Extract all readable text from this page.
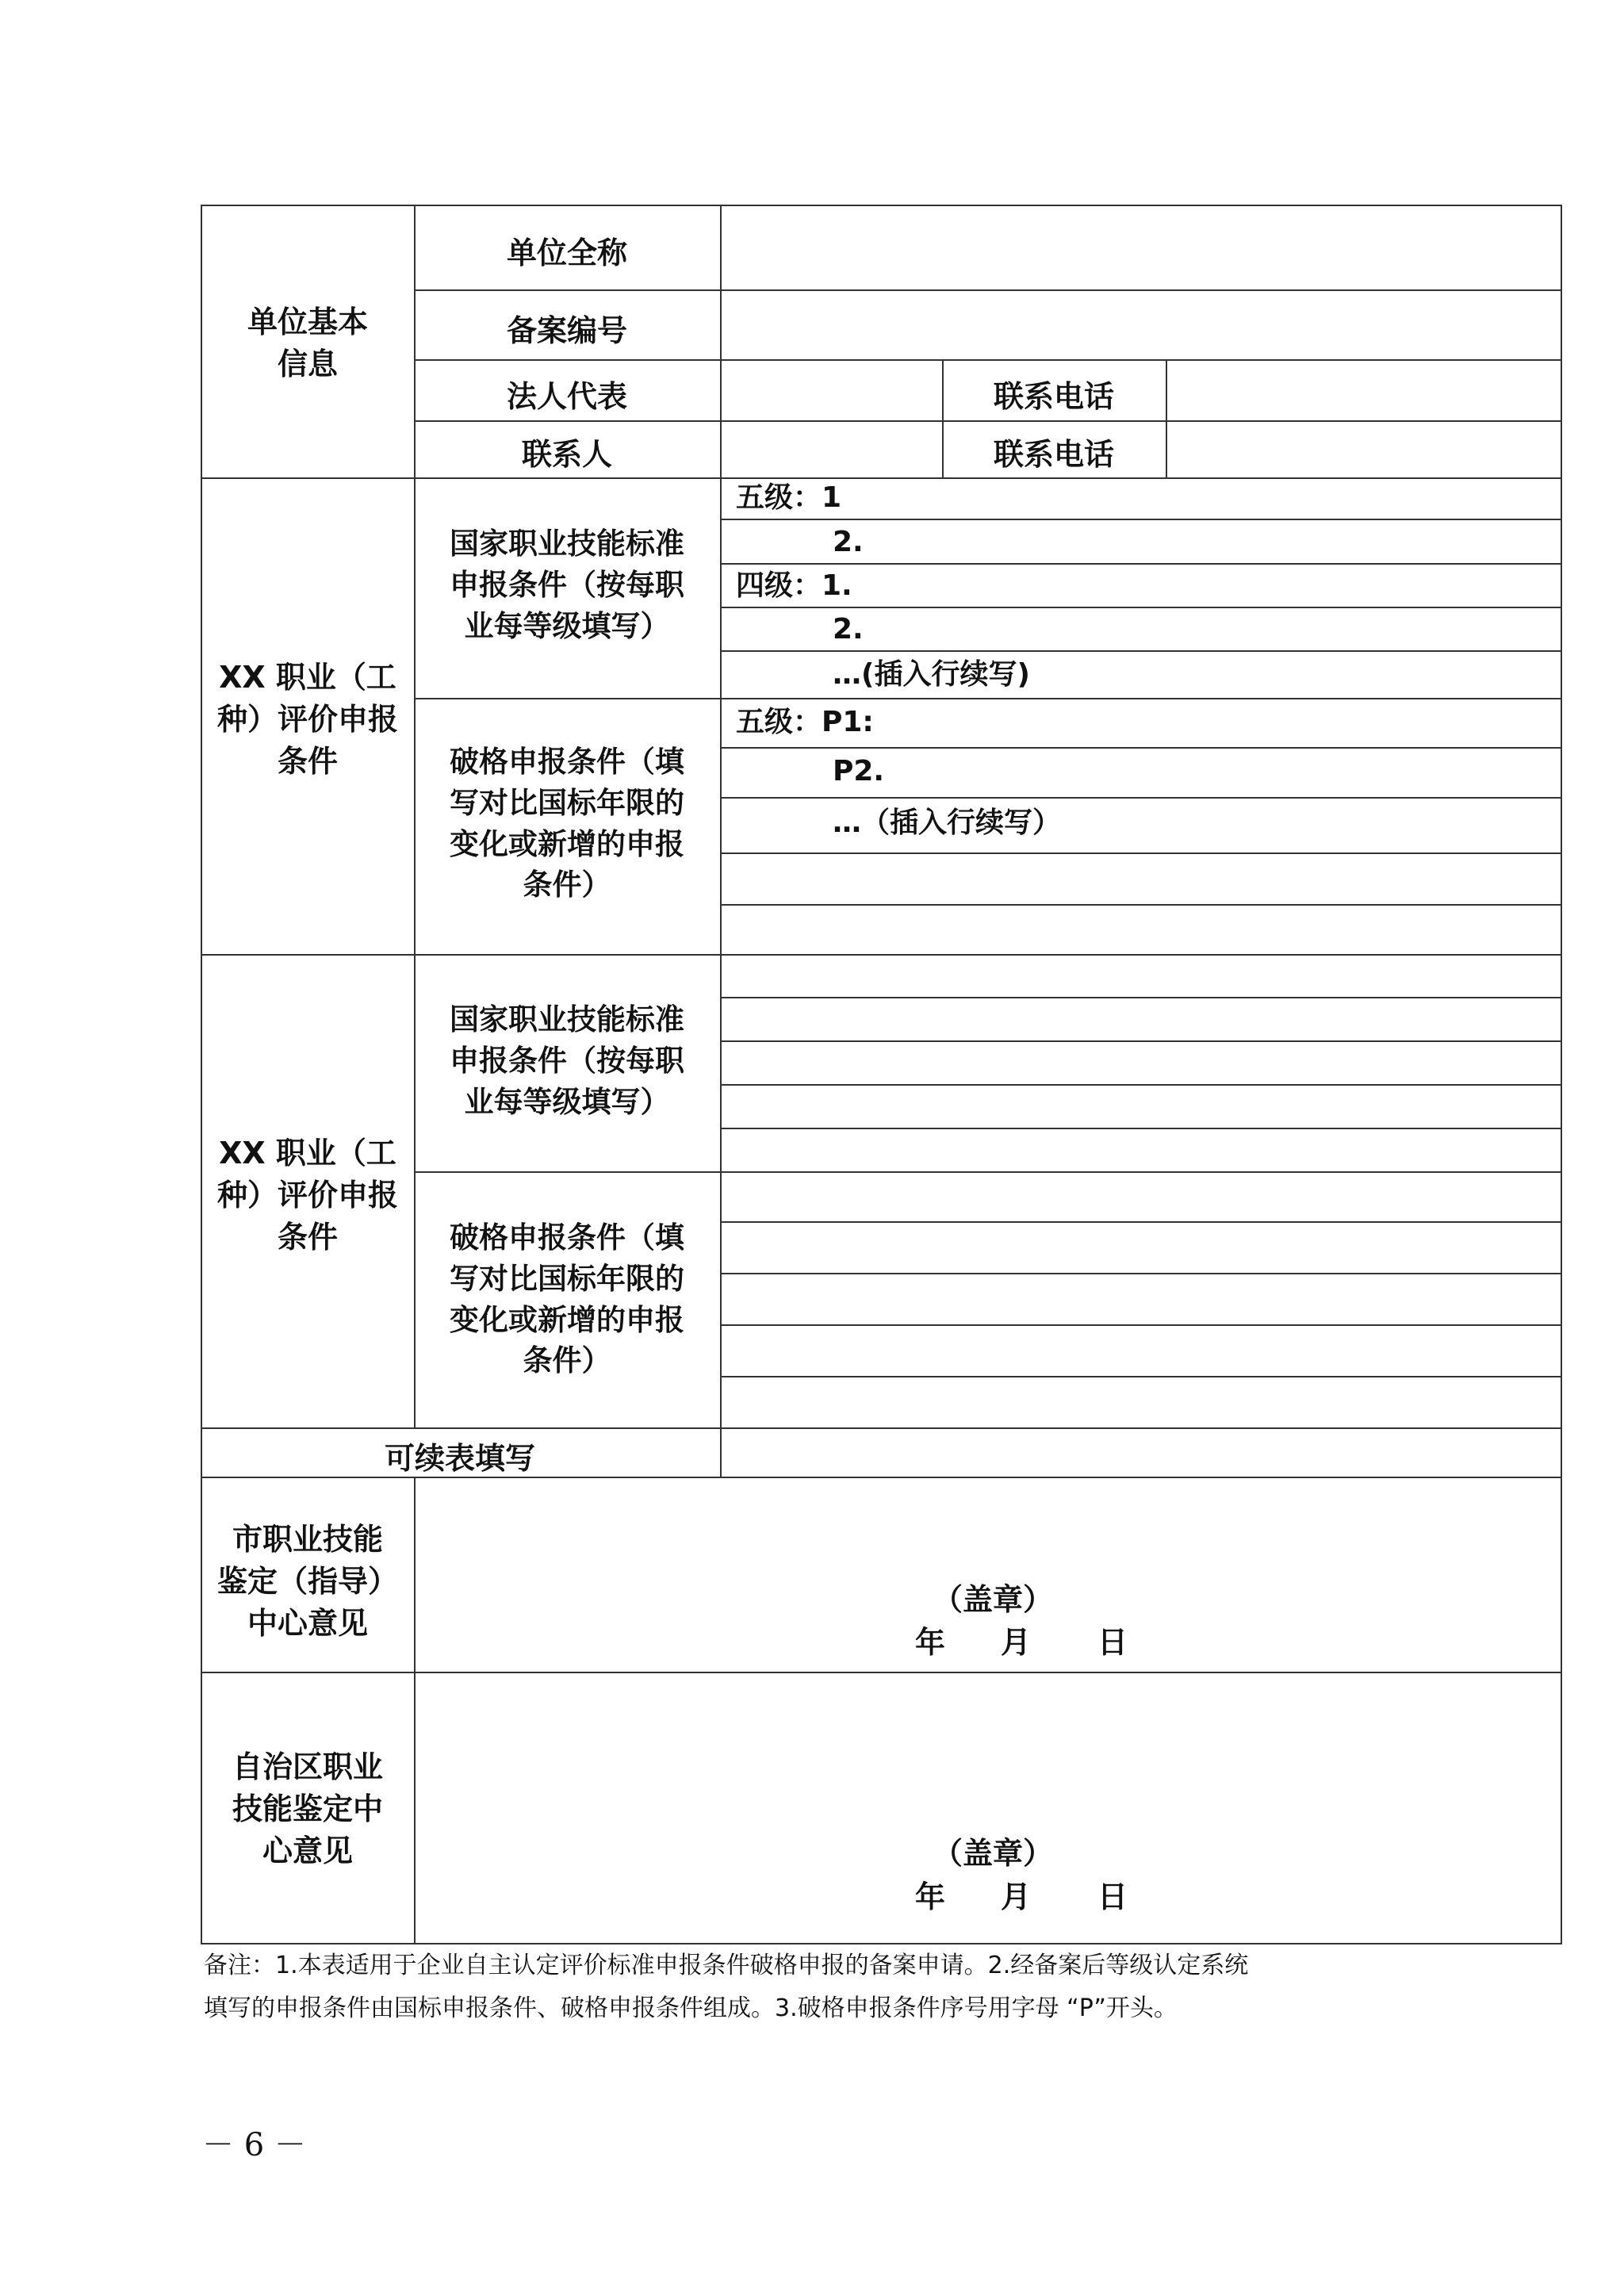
单位基本
信息
单位全称
备案编号
法人代表
联系人
联系电话
联系电话
XX 职业（工
种）评价申报
条件
国家职业技能标准
申报条件（按每职
业每等级填写）
破格申报条件（填
写对比国标年限的
变化或新增的申报
条件）
五级：1
2.
四级：1.
2.
…(插入行续写)
五级：P1:
P2.
…（插入行续写）
XX 职业（工
种）评价申报
条件
国家职业技能标准
申报条件（按每职
业每等级填写）
破格申报条件（填
写对比国标年限的
变化或新增的申报
条件）
可续表填写
市职业技能
鉴定（指导）
中心意见
（盖章）
年 月 日
自治区职业
技能鉴定中
心意见	（盖章）
年 月 日
备注：1.本表适用于企业自主认定评价标准申报条件破格申报的备案申请。2.经备案后等级认定系统
填写的申报条件由国标申报条件、破格申报条件组成。3.破格申报条件序号用字母 “P”开头。
－ 6 －
